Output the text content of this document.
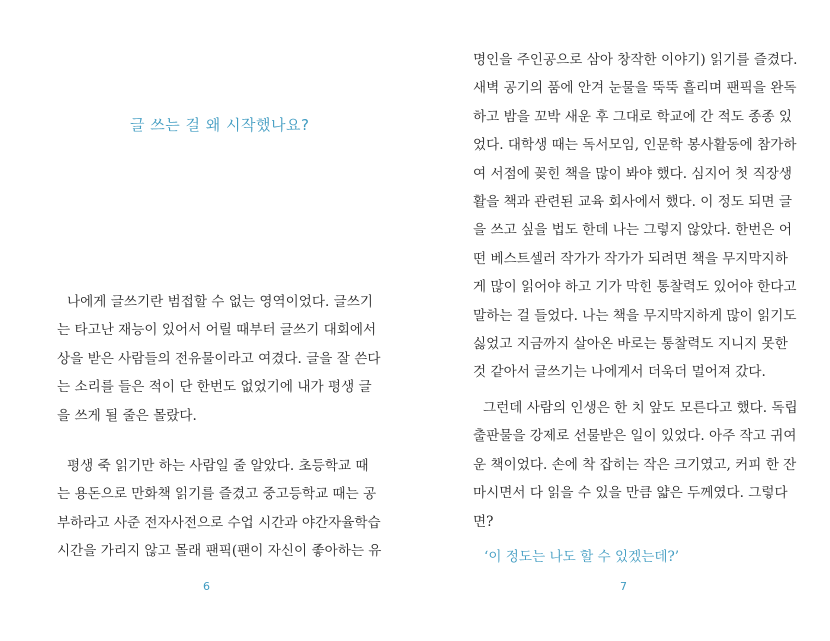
글 쓰는 걸 왜 시작했나요?

나에게 글쓰기란 범접할 수 없는 영역이었다. 글쓰기
는 타고난 재능이 있어서 어릴 때부터 글쓰기 대회에서
상을 받은 사람들의 전유물이라고 여겼다. 글을 잘 쓴다
는 소리를 들은 적이 단 한번도 없었기에 내가 평생 글
을 쓰게 될 줄은 몰랐다.

평생 죽 읽기만 하는 사람일 줄 알았다. 초등학교 때
는 용돈으로 만화책 읽기를 즐겼고 중고등학교 때는 공
부하라고 사준 전자사전으로 수업 시간과 야간자율학습
시간을 가리지 않고 몰래 팬픽(팬이 자신이 좋아하는 유

6

명인을 주인공으로 삼아 창작한 이야기) 읽기를 즐겼다.
새벽 공기의 품에 안겨 눈물을 뚝뚝 흘리며 팬픽을 완독
하고 밤을 꼬박 새운 후 그대로 학교에 간 적도 종종 있
었다. 대학생 때는 독서모임, 인문학 봉사활동에 참가하
여 서점에 꽂힌 책을 많이 봐야 했다. 심지어 첫 직장생
활을 책과 관련된 교육 회사에서 했다. 이 정도 되면 글
을 쓰고 싶을 법도 한데 나는 그렇지 않았다. 한번은 어
떤 베스트셀러 작가가 작가가 되려면 책을 무지막지하
게 많이 읽어야 하고 기가 막힌 통찰력도 있어야 한다고
말하는 걸 들었다. 나는 책을 무지막지하게 많이 읽기도
싫었고 지금까지 살아온 바로는 통찰력도 지니지 못한
것 같아서 글쓰기는 나에게서 더욱더 멀어져 갔다.

그런데 사람의 인생은 한 치 앞도 모른다고 했다. 독립
출판물을 강제로 선물받은 일이 있었다. 아주 작고 귀여
운 책이었다. 손에 착 잡히는 작은 크기였고, 커피 한 잔
마시면서 다 읽을 수 있을 만큼 얇은 두께였다. 그렇다
면?

‘이 정도는 나도 할 수 있겠는데?’
7
